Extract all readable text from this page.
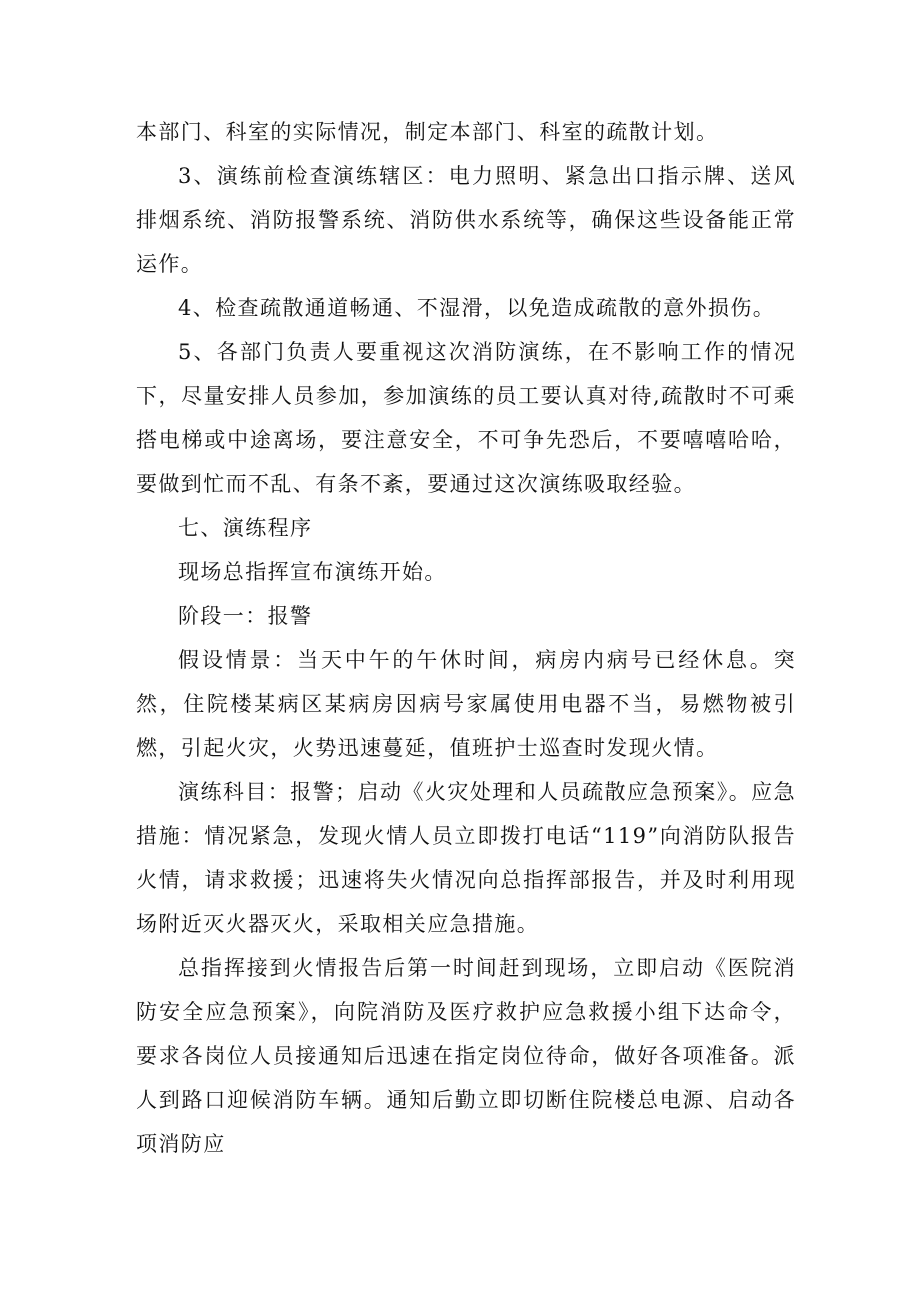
本部门、科室的实际情况，制定本部门、科室的疏散计划。

3、演练前检查演练辖区：电力照明、紧急出口指示牌、送风排烟系统、消防报警系统、消防供水系统等，确保这些设备能正常运作。

4、检查疏散通道畅通、不湿滑，以免造成疏散的意外损伤。

5、各部门负责人要重视这次消防演练，在不影响工作的情况下，尽量安排人员参加，参加演练的员工要认真对待,疏散时不可乘搭电梯或中途离场，要注意安全，不可争先恐后，不要嘻嘻哈哈，要做到忙而不乱、有条不紊，要通过这次演练吸取经验。

七、演练程序

现场总指挥宣布演练开始。

阶段一：报警

假设情景：当天中午的午休时间，病房内病号已经休息。突然，住院楼某病区某病房因病号家属使用电器不当，易燃物被引燃，引起火灾，火势迅速蔓延，值班护士巡查时发现火情。

演练科目：报警；启动《火灾处理和人员疏散应急预案》。应急措施：情况紧急，发现火情人员立即拨打电话“119”向消防队报告火情，请求救援；迅速将失火情况向总指挥部报告，并及时利用现场附近灭火器灭火，采取相关应急措施。

总指挥接到火情报告后第一时间赶到现场，立即启动《医院消防安全应急预案》，向院消防及医疗救护应急救援小组下达命令，要求各岗位人员接通知后迅速在指定岗位待命，做好各项准备。派人到路口迎候消防车辆。通知后勤立即切断住院楼总电源、启动各项消防应
